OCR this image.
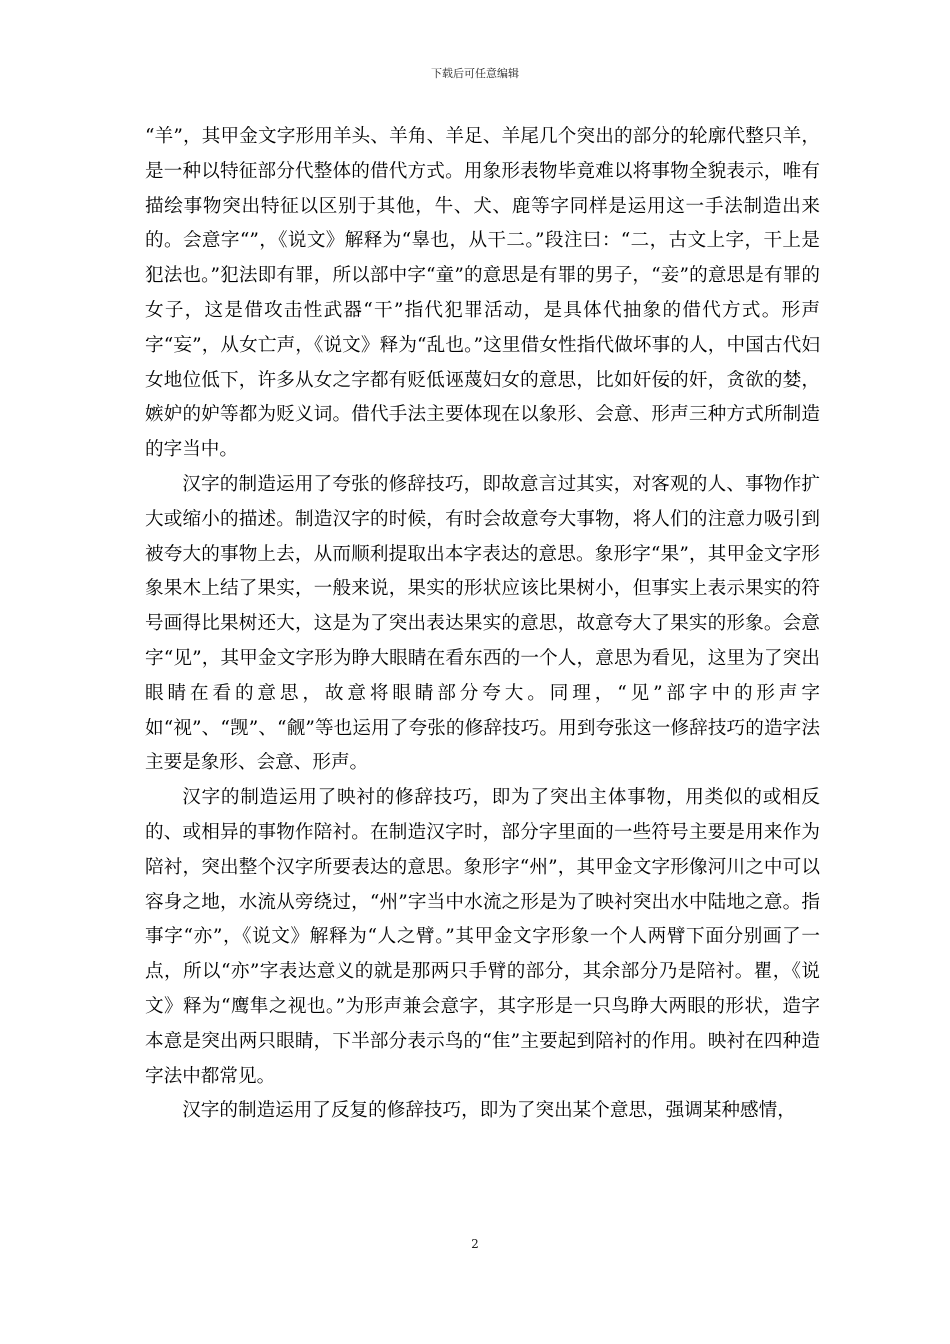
下载后可任意编辑

“羊”，其甲金文字形用羊头、羊角、羊足、羊尾几个突出的部分的轮廓代整只羊，是一种以特征部分代整体的借代方式。用象形表物毕竟难以将事物全貌表示，唯有描绘事物突出特征以区别于其他，牛、犬、鹿等字同样是运用这一手法制造出来的。会意字“”，《说文》解释为“辠也，从干二。”段注曰：“二，古文上字，干上是犯法也。”犯法即有罪，所以部中字“童”的意思是有罪的男子，“妾”的意思是有罪的女子，这是借攻击性武器“干”指代犯罪活动，是具体代抽象的借代方式。形声字“妄”，从女亡声，《说文》释为“乱也。”这里借女性指代做坏事的人，中国古代妇女地位低下，许多从女之字都有贬低诬蔑妇女的意思，比如奸佞的奸，贪欲的婪，嫉妒的妒等都为贬义词。借代手法主要体现在以象形、会意、形声三种方式所制造的字当中。

汉字的制造运用了夸张的修辞技巧，即故意言过其实，对客观的人、事物作扩大或缩小的描述。制造汉字的时候，有时会故意夸大事物，将人们的注意力吸引到被夸大的事物上去，从而顺利提取出本字表达的意思。象形字“果”，其甲金文字形象果木上结了果实，一般来说，果实的形状应该比果树小，但事实上表示果实的符号画得比果树还大，这是为了突出表达果实的意思，故意夸大了果实的形象。会意字“见”，其甲金文字形为睁大眼睛在看东西的一个人，意思为看见，这里为了突出眼睛在看的意思，故意将眼睛部分夸大。同理，“见”部字中的形声字如“视”、“觊”、“觎”等也运用了夸张的修辞技巧。用到夸张这一修辞技巧的造字法主要是象形、会意、形声。

汉字的制造运用了映衬的修辞技巧，即为了突出主体事物，用类似的或相反的、或相异的事物作陪衬。在制造汉字时，部分字里面的一些符号主要是用来作为陪衬，突出整个汉字所要表达的意思。象形字“州”，其甲金文字形像河川之中可以容身之地，水流从旁绕过，“州”字当中水流之形是为了映衬突出水中陆地之意。指事字“亦”，《说文》解释为“人之臂。”其甲金文字形象一个人两臂下面分别画了一点，所以“亦”字表达意义的就是那两只手臂的部分，其余部分乃是陪衬。瞿，《说文》释为“鹰隼之视也。”为形声兼会意字，其字形是一只鸟睁大两眼的形状，造字本意是突出两只眼睛，下半部分表示鸟的“隹”主要起到陪衬的作用。映衬在四种造字法中都常见。

汉字的制造运用了反复的修辞技巧，即为了突出某个意思，强调某种感情，

2
